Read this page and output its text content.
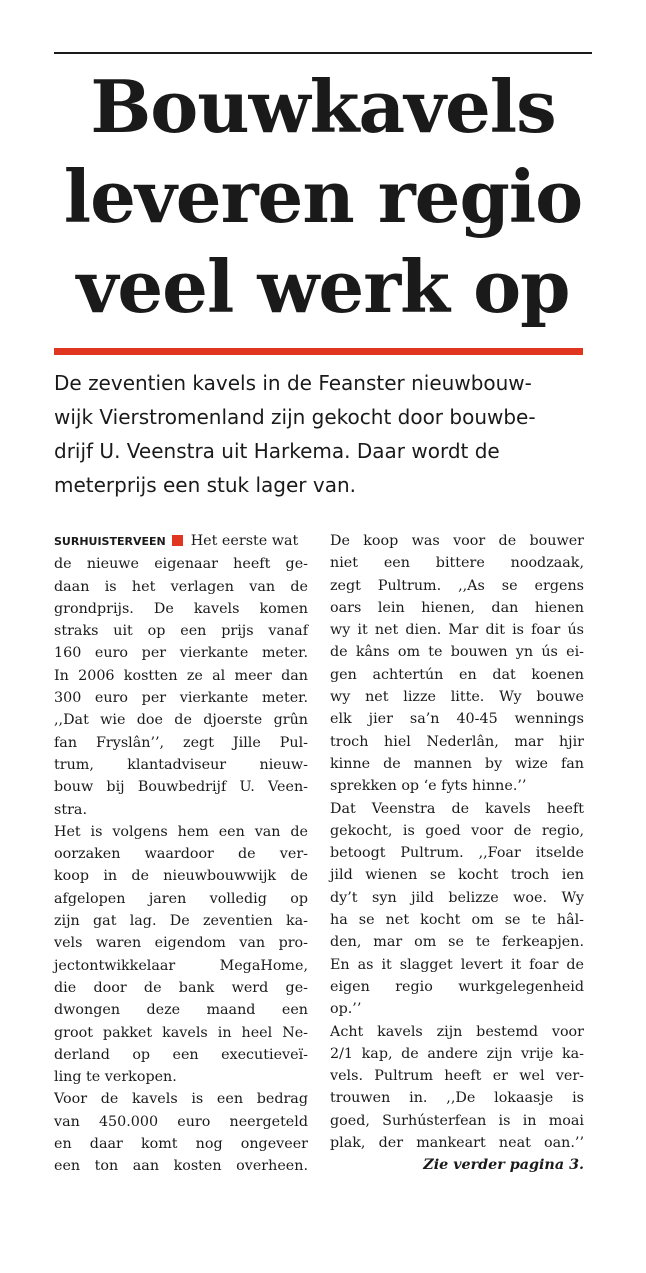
Bouwkavels
leveren regio
veel werk op

De zeventien kavels in de Feanster nieuwbouw-
wijk Vierstromenland zijn gekocht door bouwbe-
drijf U. Veenstra uit Harkema. Daar wordt de
meterprijs een stuk lager van.

SURHUISTERVEEN Het eerste wat
de nieuwe eigenaar heeft ge-
daan is het verlagen van de
grondprijs. De kavels komen
straks uit op een prijs vanaf
160 euro per vierkante meter.
In 2006 kostten ze al meer dan
300 euro per vierkante meter.
,,Dat wie doe de djoerste grûn
fan Fryslân’’, zegt Jille Pul-
trum, klantadviseur nieuw-
bouw bij Bouwbedrijf U. Veen-
stra.
Het is volgens hem een van de
oorzaken waardoor de ver-
koop in de nieuwbouwwijk de
afgelopen jaren volledig op
zijn gat lag. De zeventien ka-
vels waren eigendom van pro-
jectontwikkelaar MegaHome,
die door de bank werd ge-
dwongen deze maand een
groot pakket kavels in heel Ne-
derland op een executieveï-
ling te verkopen.
Voor de kavels is een bedrag
van 450.000 euro neergeteld
en daar komt nog ongeveer
een ton aan kosten overheen.
De koop was voor de bouwer
niet een bittere noodzaak,
zegt Pultrum. ,,As se ergens
oars lein hienen, dan hienen
wy it net dien. Mar dit is foar ús
de kâns om te bouwen yn ús ei-
gen achtertún en dat koenen
wy net lizze litte. Wy bouwe
elk jier sa’n 40-45 wennings
troch hiel Nederlân, mar hjir
kinne de mannen by wize fan
sprekken op ‘e fyts hinne.’’
Dat Veenstra de kavels heeft
gekocht, is goed voor de regio,
betoogt Pultrum. ,,Foar itselde
jild wienen se kocht troch ien
dy’t syn jild belizze woe. Wy
ha se net kocht om se te hâl-
den, mar om se te ferkeapjen.
En as it slagget levert it foar de
eigen regio wurkgelegenheid
op.’’
Acht kavels zijn bestemd voor
2/1 kap, de andere zijn vrije ka-
vels. Pultrum heeft er wel ver-
trouwen in. ,,De lokaasje is
goed, Surhústerfean is in moai
plak, der mankeart neat oan.’’
Zie verder pagina 3.
